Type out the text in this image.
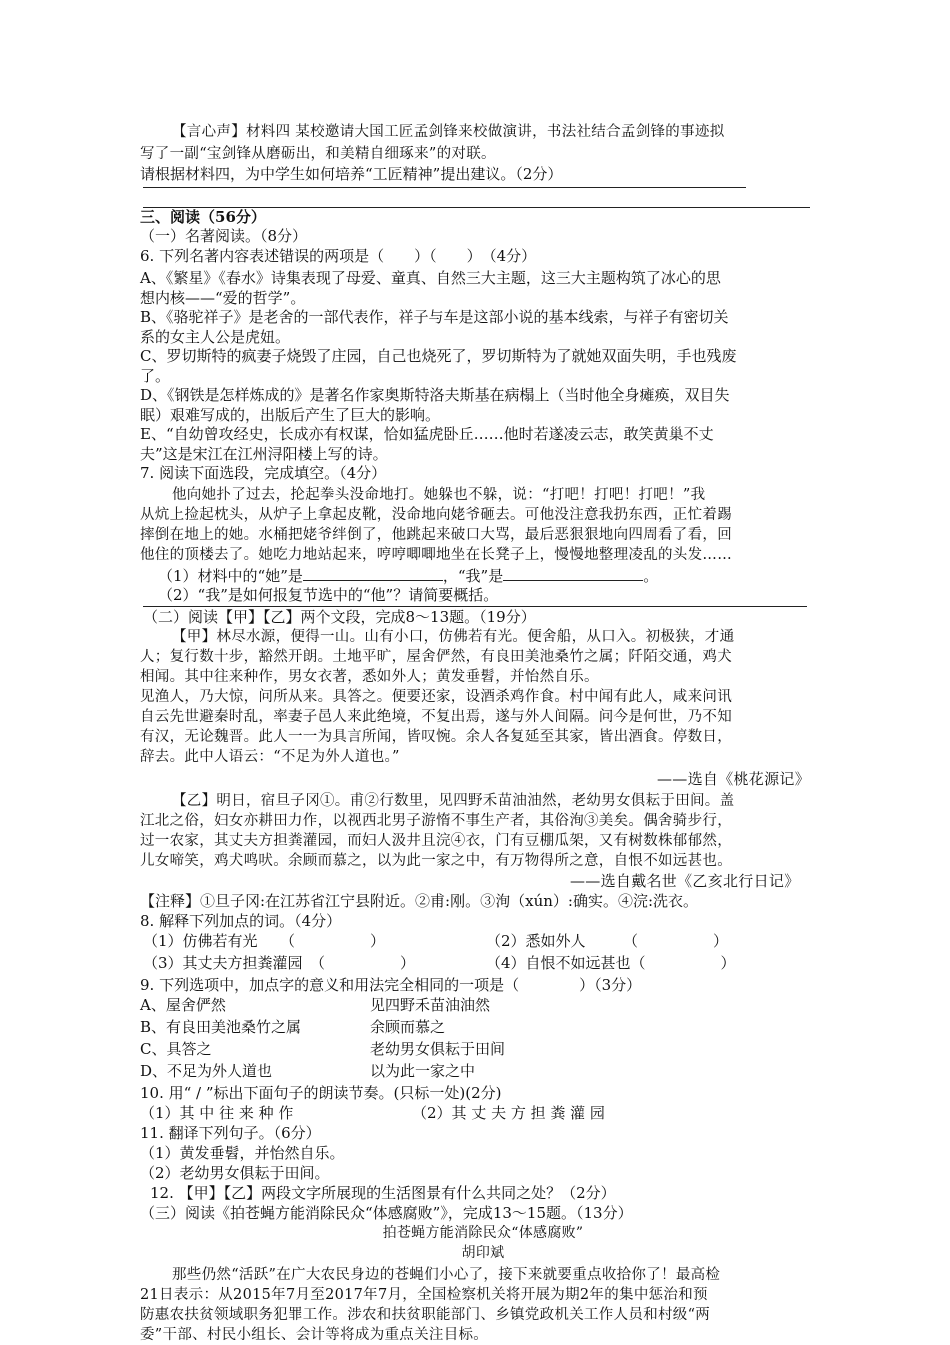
【言心声】材料四 某校邀请大国工匠孟剑锋来校做演讲，书法社结合孟剑锋的事迹拟
写了一副“宝剑锋从磨砺出，和美精自细琢来”的对联。
请根据材料四，为中学生如何培养“工匠精神”提出建议。（2分）
三、阅读（56分）
（一）名著阅读。（8分）
6. 下列名著内容表述错误的两项是（　　）（　　）　（4分）
A、《繁星》《春水》诗集表现了母爱、童真、自然三大主题，这三大主题构筑了冰心的思
想内核——“爱的哲学”。
B、《骆驼祥子》是老舍的一部代表作，祥子与车是这部小说的基本线索，与祥子有密切关
系的女主人公是虎妞。
C、罗切斯特的疯妻子烧毁了庄园，自己也烧死了，罗切斯特为了就她双面失明，手也残废
了。
D、《钢铁是怎样炼成的》是著名作家奥斯特洛夫斯基在病榻上（当时他全身瘫痪，双目失
眠）艰难写成的，出版后产生了巨大的影响。
E、“自幼曾攻经史，长成亦有权谋，恰如猛虎卧丘……他时若遂凌云志，敢笑黄巢不丈
夫”这是宋江在江州浔阳楼上写的诗。
7. 阅读下面选段，完成填空。（4分）
他向她扑了过去，抡起拳头没命地打。她躲也不躲，说：“打吧！打吧！打吧！”我
从炕上捡起枕头，从炉子上拿起皮靴，没命地向姥爷砸去。可他没注意我扔东西，正忙着踢
摔倒在地上的她。水桶把姥爷绊倒了，他跳起来破口大骂，最后恶狠狠地向四周看了看，回
他住的顶楼去了。她吃力地站起来，哼哼唧唧地坐在长凳子上，慢慢地整理凌乱的头发……
（1）材料中的“她”是	，“我”是	。
（2）“我”是如何报复节选中的“他”？请简要概括。
（二）阅读【甲】【乙】两个文段，完成8～13题。（19分）
【甲】林尽水源，便得一山。山有小口，仿佛若有光。便舍船，从口入。初极狭，才通
人；复行数十步，豁然开朗。土地平旷，屋舍俨然，有良田美池桑竹之属；阡陌交通，鸡犬
相闻。其中往来种作，男女衣著，悉如外人；黄发垂髫，并怡然自乐。
见渔人，乃大惊，问所从来。具答之。便要还家，设酒杀鸡作食。村中闻有此人，咸来问讯
自云先世避秦时乱，率妻子邑人来此绝境，不复出焉，遂与外人间隔。问今是何世，乃不知
有汉，无论魏晋。此人一一为具言所闻，皆叹惋。余人各复延至其家，皆出酒食。停数日，
辞去。此中人语云：“不足为外人道也。”
——选自《桃花源记》
【乙】明日，宿旦子冈①。甫②行数里，见四野禾苗油油然，老幼男女俱耘于田间。盖
江北之俗，妇女亦耕田力作，以视西北男子游惰不事生产者，其俗洵③美矣。偶舍骑步行，
过一农家，其丈夫方担粪灌园，而妇人汲井且浣④衣，门有豆棚瓜架，又有树数株郁郁然，
儿女啼笑，鸡犬鸣吠。余顾而慕之，以为此一家之中，有万物得所之意，自恨不如远甚也。
——选自戴名世《乙亥北行日记》
【注释】①旦子冈:在江苏省江宁县附近。②甫:刚。③洵（xún）:确实。④浣:洗衣。
8. 解释下列加点的词。（4分）
（1）仿佛若有光　　（　　　　　）	（2）悉如外人　　　（　　　　　）
（3）其丈夫方担粪灌园　（　　　　　）	（4）自恨不如远甚也（　　　　　）
9. 下列选项中，加点字的意义和用法完全相同的一项是（　　　　）（3分）
A、屋舍俨然	见四野禾苗油油然
B、有良田美池桑竹之属	余顾而慕之
C、具答之	老幼男女俱耘于田间
D、不足为外人道也	以为此一家之中
10. 用“ / ”标出下面句子的朗读节奏。(只标一处)(2分)
（1）其 中 往 来 种 作	（2）其 丈 夫 方 担 粪 灌 园
11. 翻译下列句子。（6分）
（1）黄发垂髫，并怡然自乐。
（2）老幼男女俱耘于田间。
12. 【甲】【乙】两段文字所展现的生活图景有什么共同之处？（2分）
（三）阅读《拍苍蝇方能消除民众“体感腐败”》，完成13～15题。（13分）
拍苍蝇方能消除民众“体感腐败”
胡印斌
那些仍然“活跃”在广大农民身边的苍蝇们小心了，接下来就要重点收拾你了！最高检
21日表示：从2015年7月至2017年7月，全国检察机关将开展为期2年的集中惩治和预
防惠农扶贫领域职务犯罪工作。涉农和扶贫职能部门、乡镇党政机关工作人员和村级“两
委”干部、村民小组长、会计等将成为重点关注目标。
